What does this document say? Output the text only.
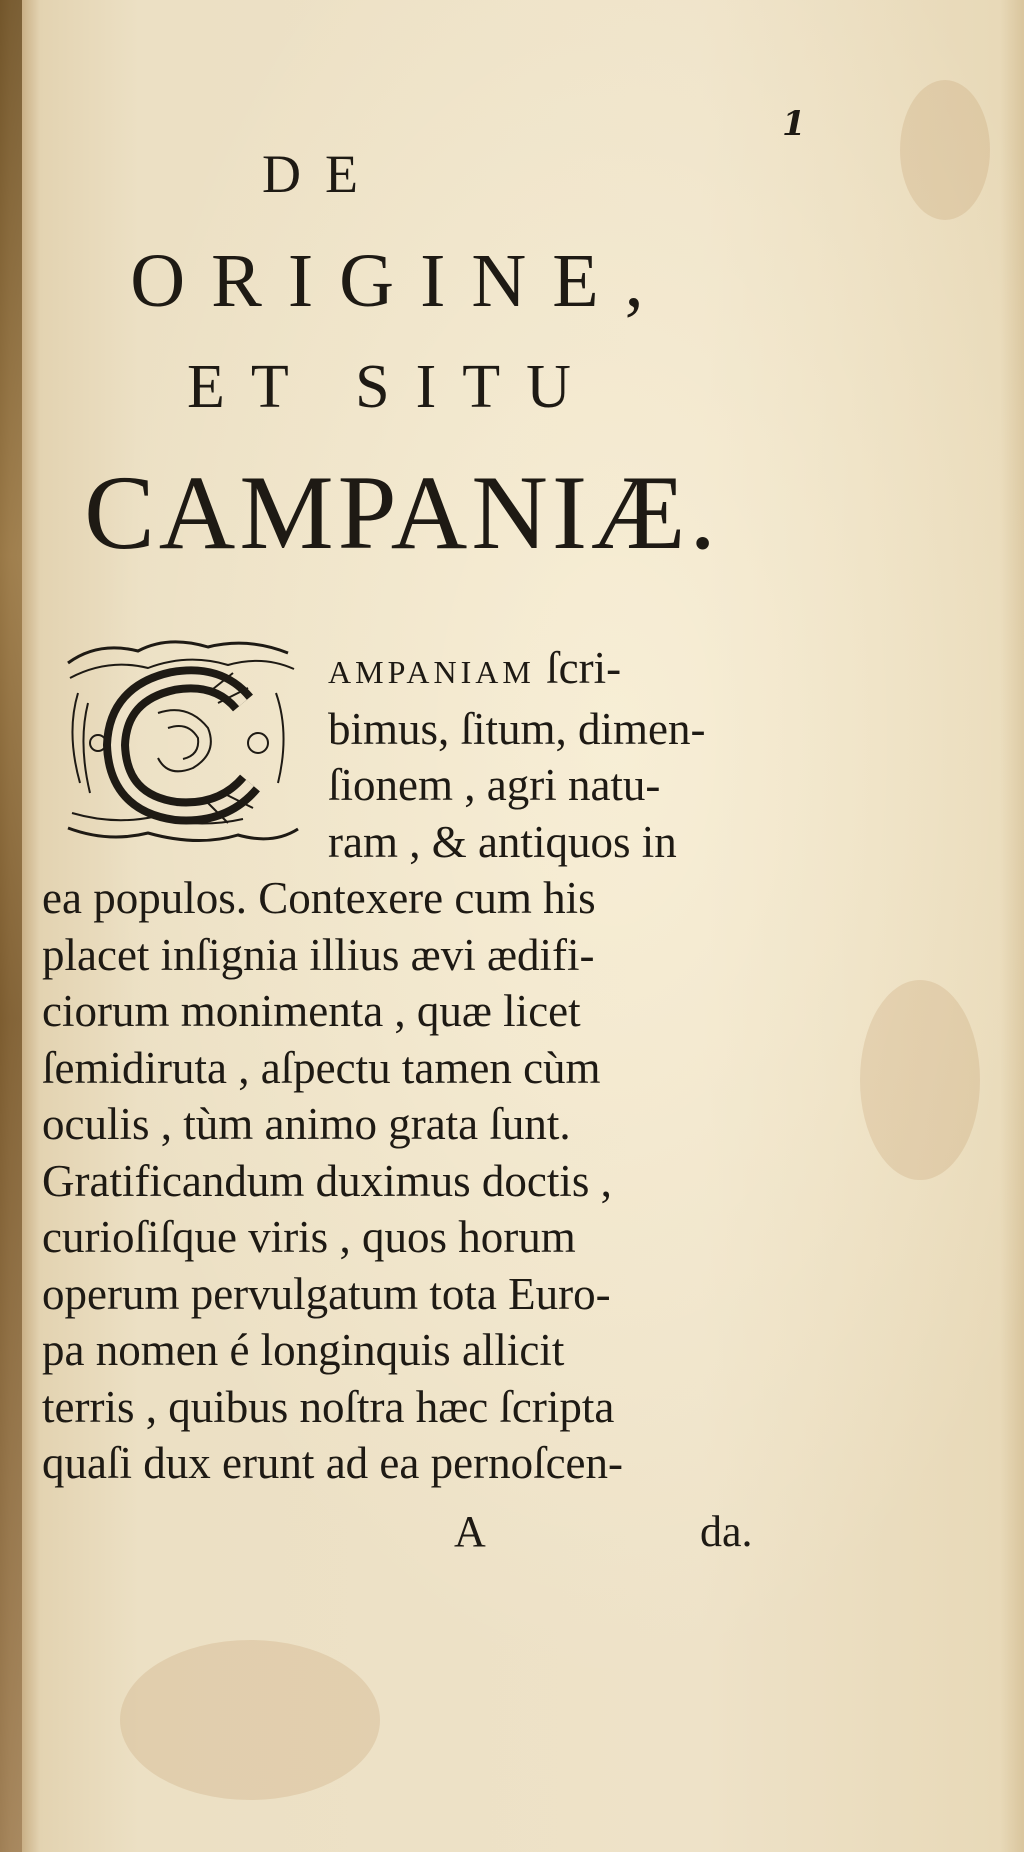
1

DE
ORIGINE,
ET SITU
CAMPANIÆ.

AMPANIAM ſcri-
bimus, ſitum, dimen-
ſionem , agri natu-
ram , & antiquos in
ea populos. Contexere cum his
placet inſignia illius ævi ædifi-
ciorum monimenta , quæ licet
ſemidiruta , aſpectu tamen cùm
oculis , tùm animo grata ſunt.
Gratificandum duximus doctis ,
curioſiſque viris , quos horum
operum pervulgatum tota Euro-
pa nomen é longinquis allicit
terris , quibus noſtra hæc ſcripta
quaſi dux erunt ad ea pernoſcen-

A	da.
